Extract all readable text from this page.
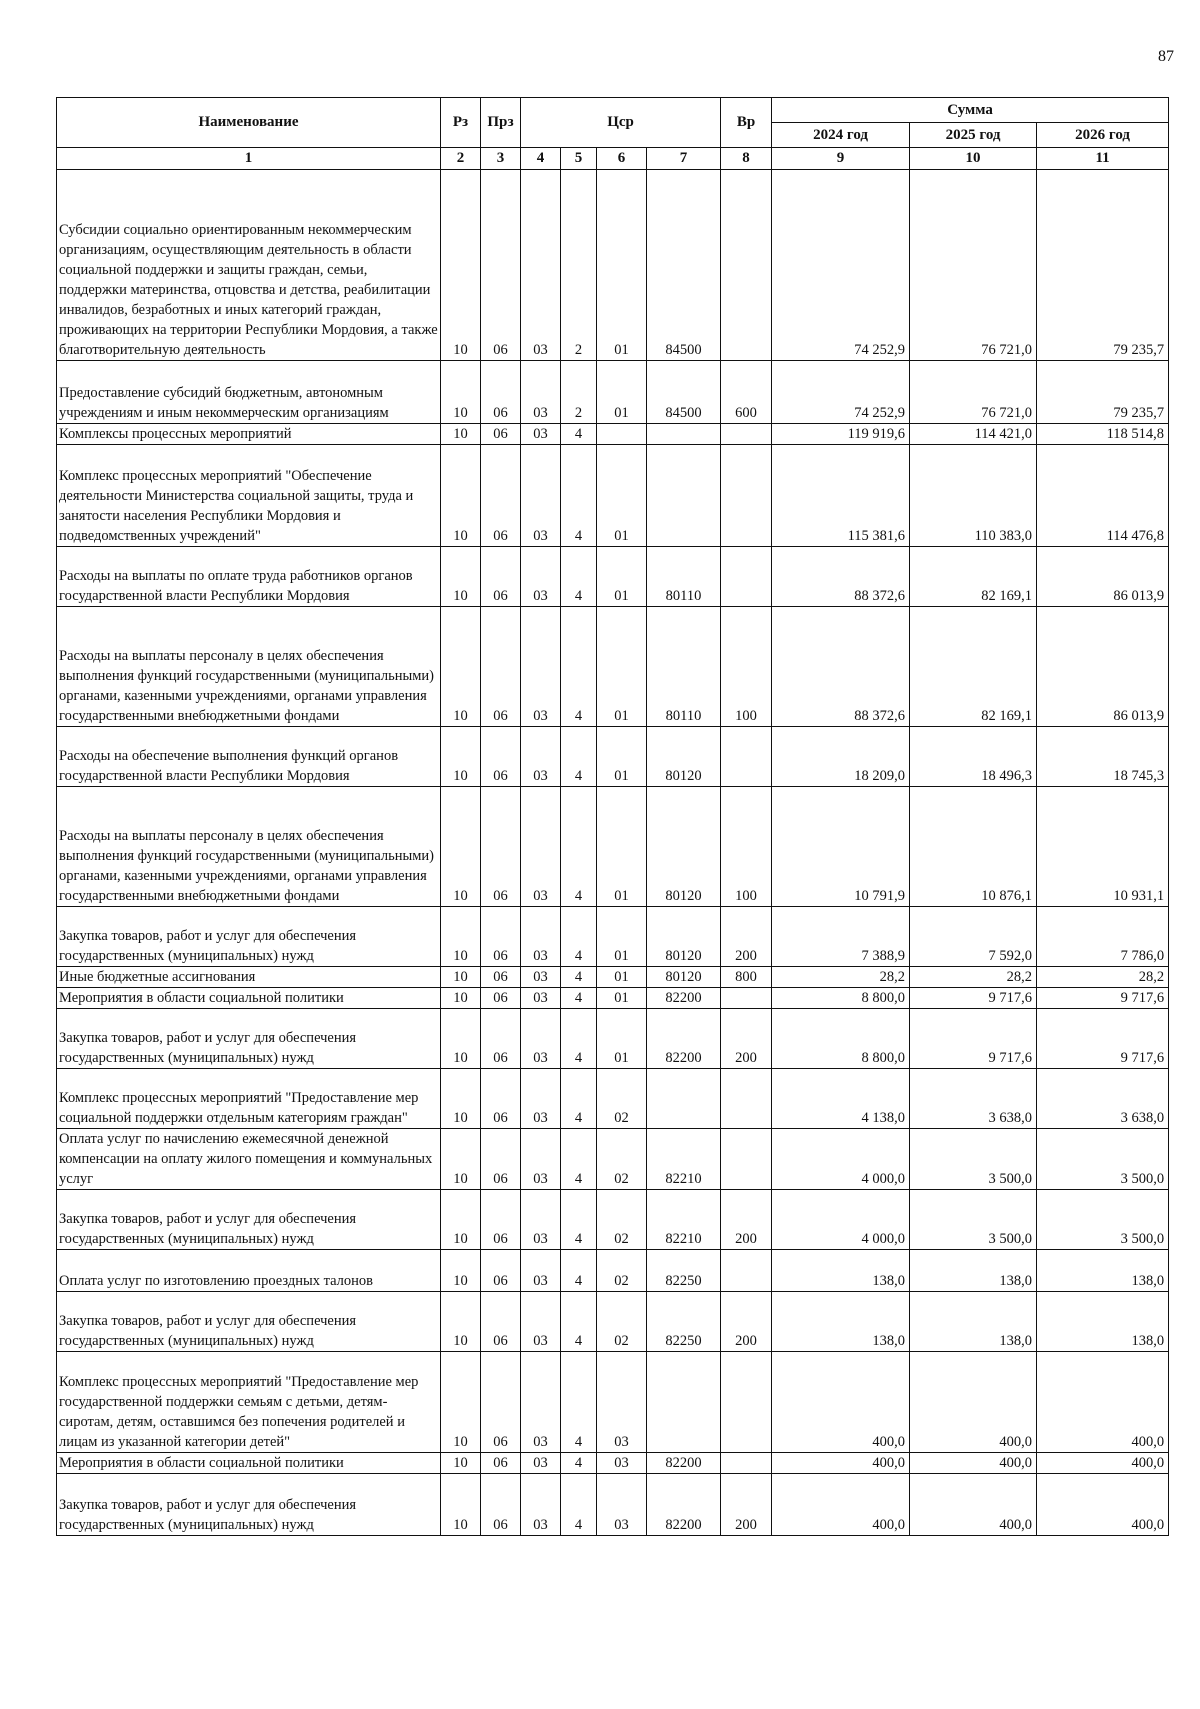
87
Наименование	Рз	Прз	Цср				Вр	Сумма		
								2024 год	2025 год	2026 год
1	2	3	4	5	6	7	8	9	10	11
Субсидии социально ориентированным некоммерческим организациям, осуществляющим деятельность в области социальной поддержки и защиты граждан, семьи, поддержки материнства, отцовства и детства, реабилитации инвалидов, безработных и иных категорий граждан, проживающих на территории Республики Мордовия, а также благотворительную деятельность	10	06	03	2	01	84500		74 252,9	76 721,0	79 235,7
Предоставление субсидий бюджетным, автономным учреждениям и иным некоммерческим организациям	10	06	03	2	01	84500	600	74 252,9	76 721,0	79 235,7
Комплексы процессных мероприятий	10	06	03	4				119 919,6	114 421,0	118 514,8
Комплекс процессных мероприятий "Обеспечение деятельности Министерства социальной защиты, труда и занятости населения Республики Мордовия и подведомственных учреждений"	10	06	03	4	01			115 381,6	110 383,0	114 476,8
Расходы на выплаты по оплате труда работников органов государственной власти Республики Мордовия	10	06	03	4	01	80110		88 372,6	82 169,1	86 013,9
Расходы на выплаты персоналу в целях обеспечения выполнения функций государственными (муниципальными) органами, казенными учреждениями, органами управления государственными внебюджетными фондами	10	06	03	4	01	80110	100	88 372,6	82 169,1	86 013,9
Расходы на обеспечение выполнения функций органов государственной власти Республики Мордовия	10	06	03	4	01	80120		18 209,0	18 496,3	18 745,3
Расходы на выплаты персоналу в целях обеспечения выполнения функций государственными (муниципальными) органами, казенными учреждениями, органами управления государственными внебюджетными фондами	10	06	03	4	01	80120	100	10 791,9	10 876,1	10 931,1
Закупка товаров, работ и услуг для обеспечения государственных (муниципальных) нужд	10	06	03	4	01	80120	200	7 388,9	7 592,0	7 786,0
Иные бюджетные ассигнования	10	06	03	4	01	80120	800	28,2	28,2	28,2
Мероприятия в области социальной политики	10	06	03	4	01	82200		8 800,0	9 717,6	9 717,6
Закупка товаров, работ и услуг для обеспечения государственных (муниципальных) нужд	10	06	03	4	01	82200	200	8 800,0	9 717,6	9 717,6
Комплекс процессных мероприятий "Предоставление мер социальной поддержки отдельным категориям граждан"	10	06	03	4	02			4 138,0	3 638,0	3 638,0
Оплата услуг по начислению ежемесячной денежной компенсации на оплату жилого помещения и коммунальных услуг	10	06	03	4	02	82210		4 000,0	3 500,0	3 500,0
Закупка товаров, работ и услуг для обеспечения государственных (муниципальных) нужд	10	06	03	4	02	82210	200	4 000,0	3 500,0	3 500,0
Оплата услуг по изготовлению проездных талонов	10	06	03	4	02	82250		138,0	138,0	138,0
Закупка товаров, работ и услуг для обеспечения государственных (муниципальных) нужд	10	06	03	4	02	82250	200	138,0	138,0	138,0
Комплекс процессных мероприятий "Предоставление мер государственной поддержки семьям с детьми, детям-сиротам, детям, оставшимся без попечения родителей и лицам из указанной категории детей"	10	06	03	4	03			400,0	400,0	400,0
Мероприятия в области социальной политики	10	06	03	4	03	82200		400,0	400,0	400,0
Закупка товаров, работ и услуг для обеспечения государственных (муниципальных) нужд	10	06	03	4	03	82200	200	400,0	400,0	400,0
